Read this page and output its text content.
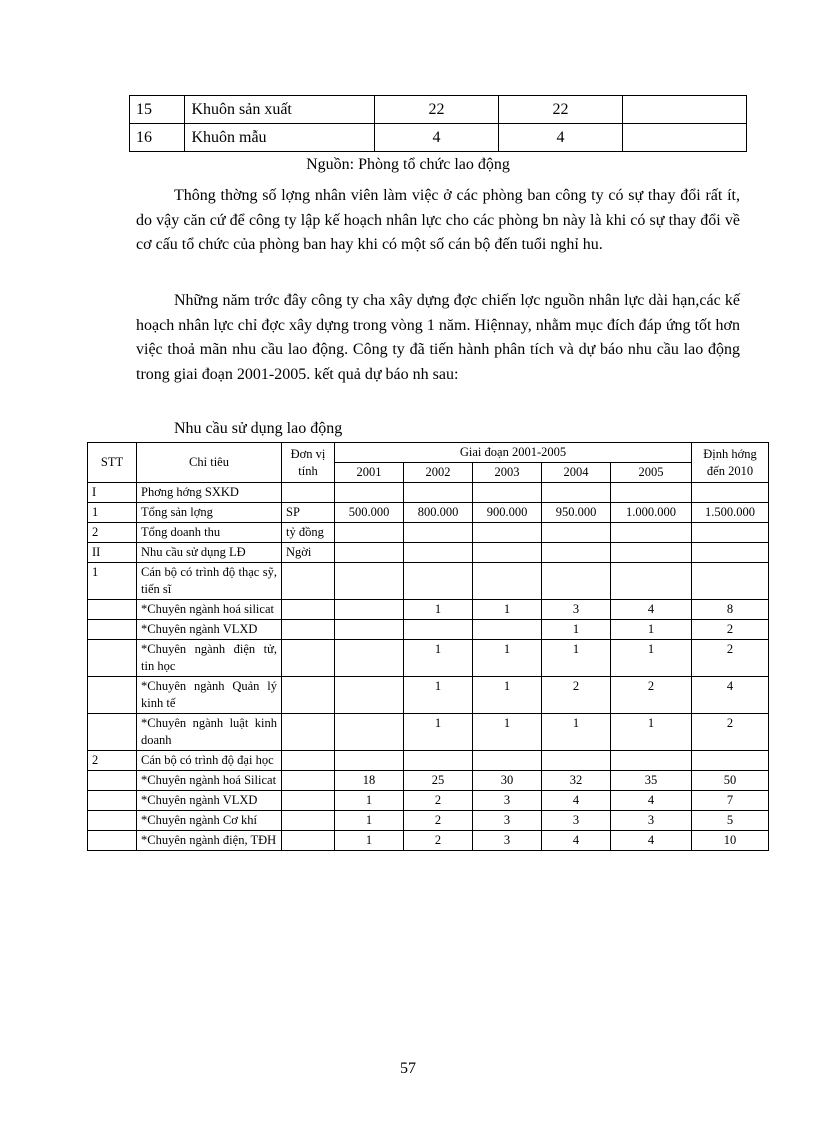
15	Khuôn sản xuất	22	22	
16	Khuôn mẫu	4	4	
Nguồn: Phòng tổ chức lao động

Thông thờng số lợng nhân viên làm việc ở các phòng ban công ty có sự thay đổi rất ít, do vậy căn cứ để công ty lập kế hoạch nhân lực cho các phòng bn này là khi có sự thay đổi về cơ cấu tổ chức của phòng ban hay khi có một số cán bộ đến tuổi nghỉ hu.

Những năm trớc đây công ty cha xây dựng đợc chiến lợc nguồn nhân lực dài hạn,các kế hoạch nhân lực chỉ đợc xây dựng trong vòng 1 năm. Hiệnnay, nhằm mục đích đáp ứng tốt hơn việc thoả mãn nhu cầu lao động. Công ty đã tiến hành phân tích và dự báo nhu cầu lao động trong giai đoạn 2001-2005. kết quả dự báo nh sau:

Nhu cầu sử dụng lao động
STT	Chỉ tiêu	Đơn vị tính	Giai đoạn 2001-2005					Định hớng đến 2010
			2001	2002	2003	2004	2005	
I	Phơng hớng SXKD							
1	Tổng sản lợng	SP	500.000	800.000	900.000	950.000	1.000.000	1.500.000
2	Tổng doanh thu	tỷ đồng						
II	Nhu cầu sử dụng LĐ	Ngời						
1	Cán bộ có trình độ thạc sỹ, tiến sĩ							
	*Chuyên ngành hoá silicat			1	1	3	4	8
	*Chuyên ngành VLXD					1	1	2
	*Chuyên ngành điện tử, tin học			1	1	1	1	2
	*Chuyên ngành Quản lý kinh tế			1	1	2	2	4
	*Chuyên ngành luật kinh doanh			1	1	1	1	2
2	Cán bộ có trình độ đại học							
	*Chuyên ngành hoá Silicat		18	25	30	32	35	50
	*Chuyên ngành VLXD		1	2	3	4	4	7
	*Chuyên ngành Cơ khí		1	2	3	3	3	5
	*Chuyên ngành điện, TĐH		1	2	3	4	4	10
57
